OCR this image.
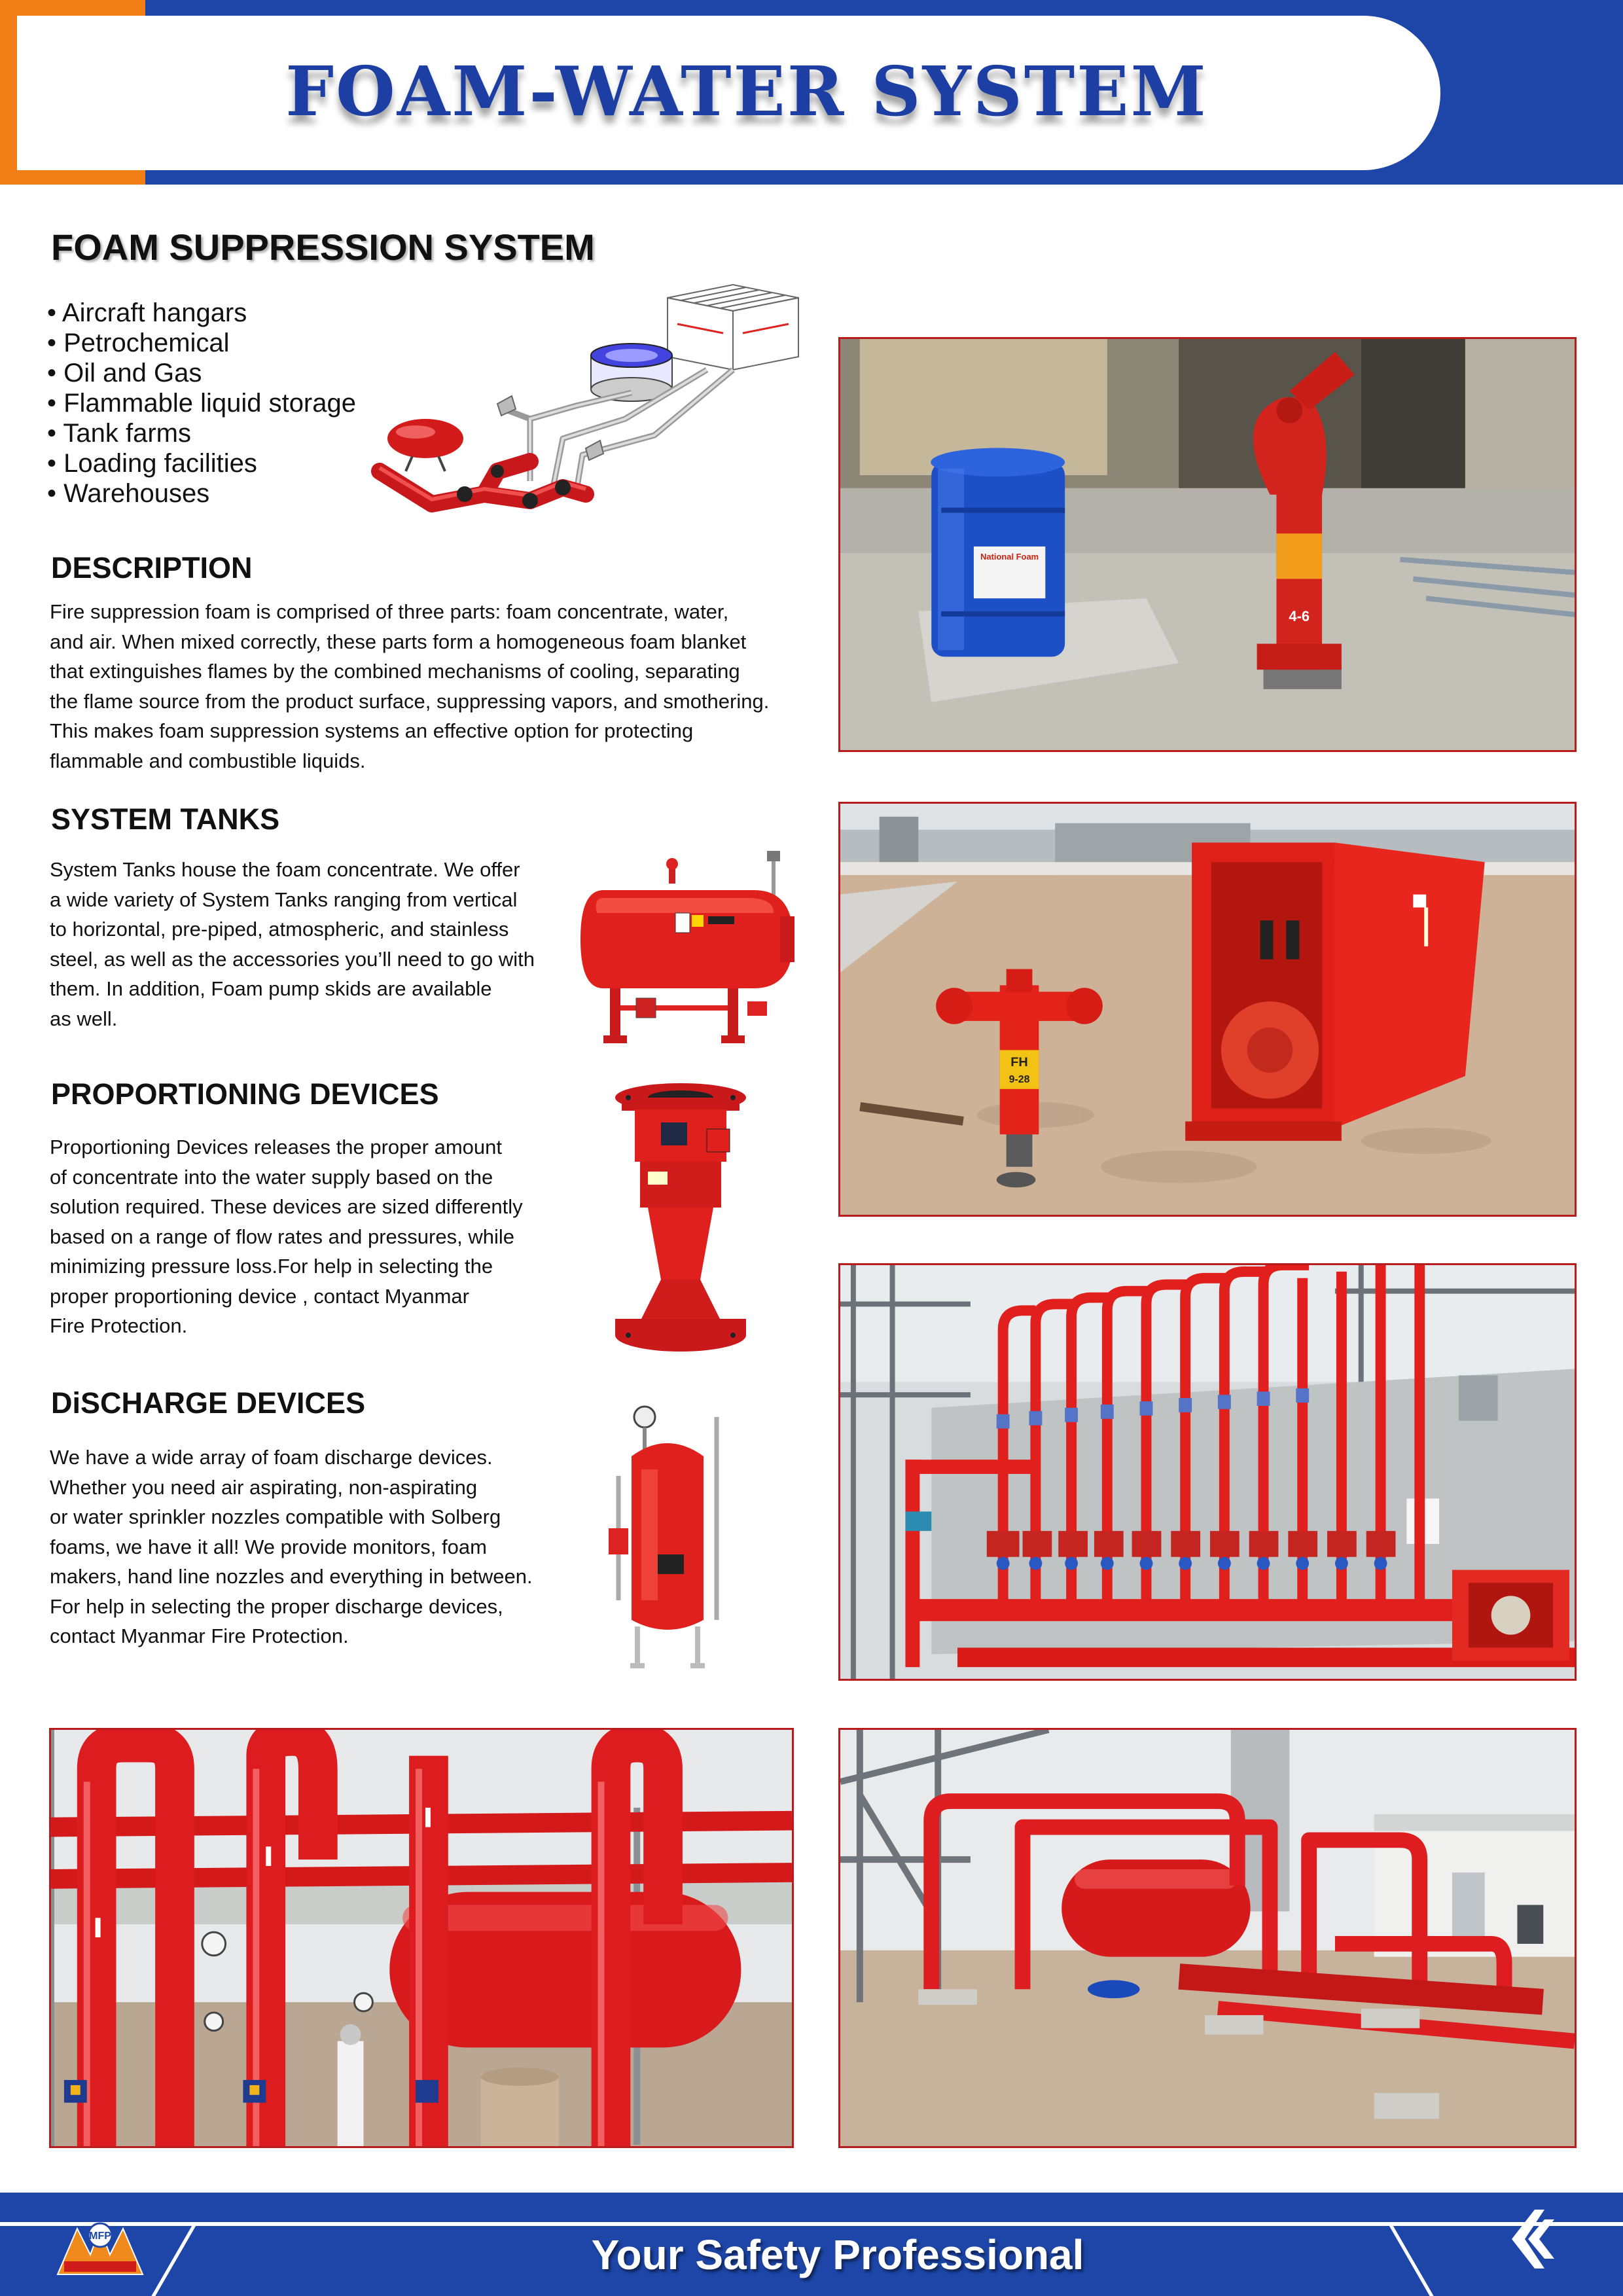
FOAM-WATER SYSTEM
FOAM SUPPRESSION SYSTEM
• Aircraft hangars
• Petrochemical
• Oil and Gas
• Flammable liquid storage
• Tank farms
• Loading facilities
• Warehouses
DESCRIPTION
Fire suppression foam is comprised of three parts: foam concentrate, water,
and air. When mixed correctly, these parts form a homogeneous foam blanket
that extinguishes flames by the combined mechanisms of cooling, separating
the flame source from the product surface, suppressing vapors, and smothering.
This makes foam suppression systems an effective option for protecting
flammable and combustible liquids.
SYSTEM TANKS
System Tanks house the foam concentrate. We offer
a wide variety of System Tanks ranging from vertical
to horizontal, pre-piped, atmospheric, and stainless
steel, as well as the accessories you’ll need to go with
them. In addition, Foam pump skids are available
as well.
PROPORTIONING DEVICES
Proportioning Devices releases the proper amount
of concentrate into the water supply based on the
solution required. These devices are sized differently
based on a range of flow rates and pressures, while
minimizing pressure loss.For help in selecting the
proper proportioning device , contact Myanmar
Fire Protection.
DiSCHARGE DEVICES
We have a wide array of foam discharge devices.
Whether you need air aspirating, non-aspirating
or water sprinkler nozzles compatible with Solberg
foams, we have it all! We provide monitors, foam
makers, hand line nozzles and everything in between.
For help in selecting the proper discharge devices,
contact Myanmar Fire Protection.
National Foam
4-6
FH
9-28
Your Safety Professional
MFP
